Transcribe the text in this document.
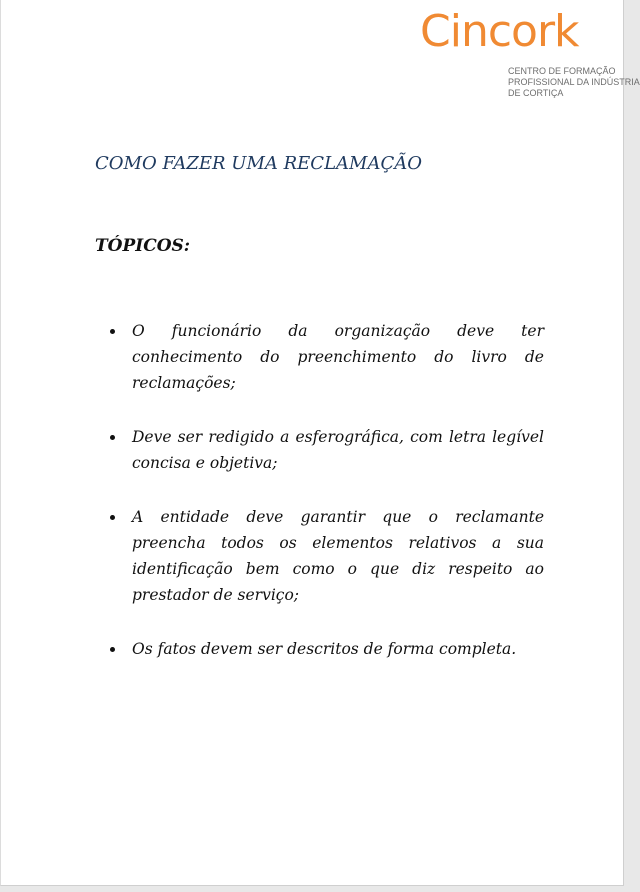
Cincork
CENTRO DE FORMAÇÃO
PROFISSIONAL DA INDÚSTRIA
DE CORTIÇA
COMO FAZER UMA RECLAMAÇÃO
TÓPICOS:
O funcionário da organização deve ter conhecimento do preenchimento do livro de reclamações;
Deve ser redigido a esferográfica, com letra legível concisa e objetiva;
A entidade deve garantir que o reclamante preencha todos os elementos relativos a sua identificação bem como o que diz respeito ao prestador de serviço;
Os fatos devem ser descritos de forma completa.
